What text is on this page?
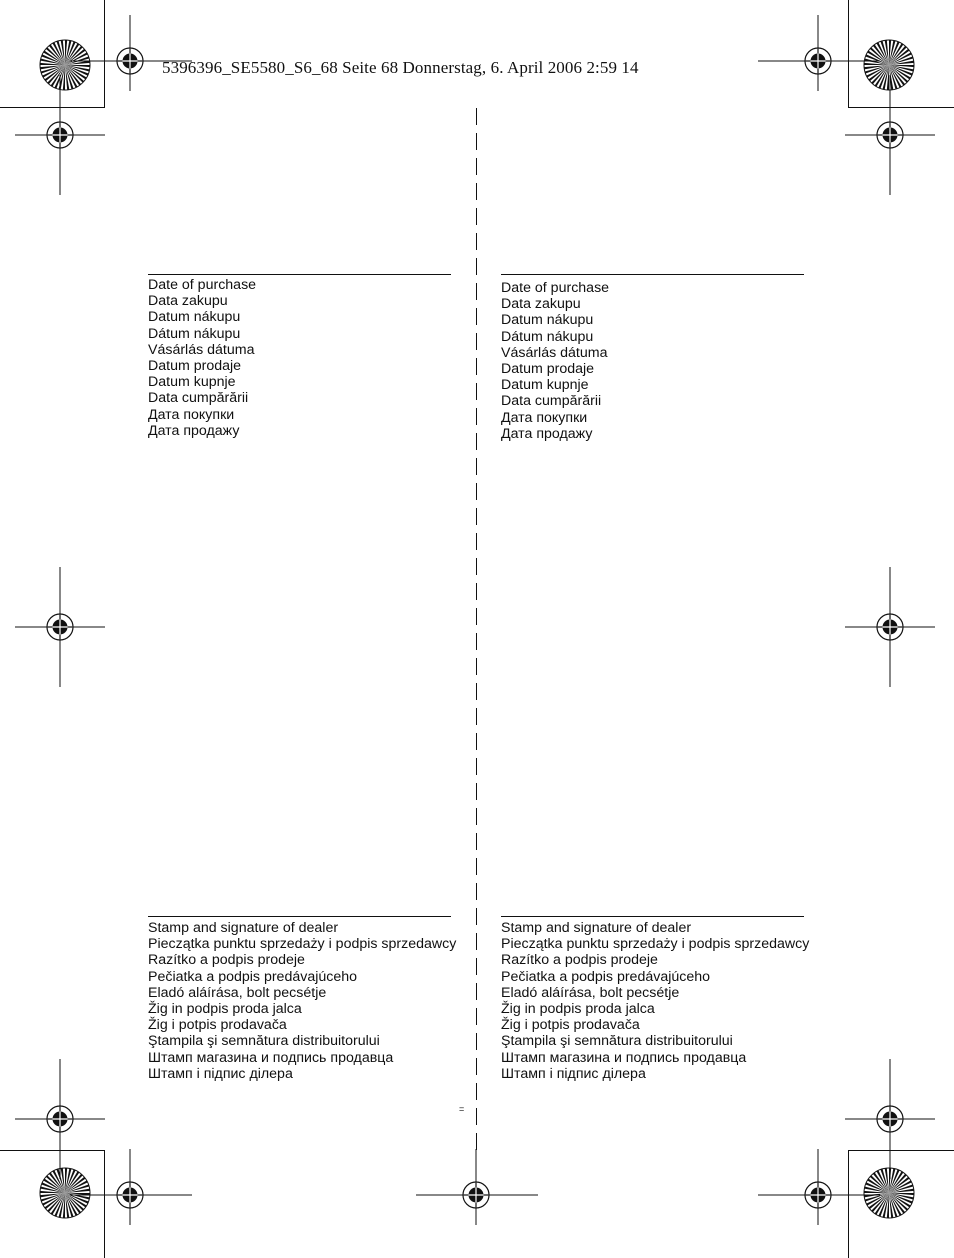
5396396_SE5580_S6_68 Seite 68 Donnerstag, 6. April 2006 2:59 14
Date of purchase
Data zakupu
Datum nákupu
Dátum nákupu
Vásárlás dátuma
Datum prodaje
Datum kupnje
Data cumpărării
Дата покупки
Дата продажу
Date of purchase
Data zakupu
Datum nákupu
Dátum nákupu
Vásárlás dátuma
Datum prodaje
Datum kupnje
Data cumpărării
Дата покупки
Дата продажу
Stamp and signature of dealer
Pieczątka punktu sprzedaży i podpis sprzedawcy
Razítko a podpis prodeje
Pečiatka a podpis predávajúceho
Eladó aláírása, bolt pecsétje
Žig in podpis proda jalca
Žig i potpis prodavača
Ştampila şi semnătura distribuitorului
Штамп магазина и подпись продавца
Штамп і підпис ділера
Stamp and signature of dealer
Pieczątka punktu sprzedaży i podpis sprzedawcy
Razítko a podpis prodeje
Pečiatka a podpis predávajúceho
Eladó aláírása, bolt pecsétje
Žig in podpis proda jalca
Žig i potpis prodavača
Ştampila şi semnătura distribuitorului
Штамп магазина и подпись продавца
Штамп і підпис ділера
=
